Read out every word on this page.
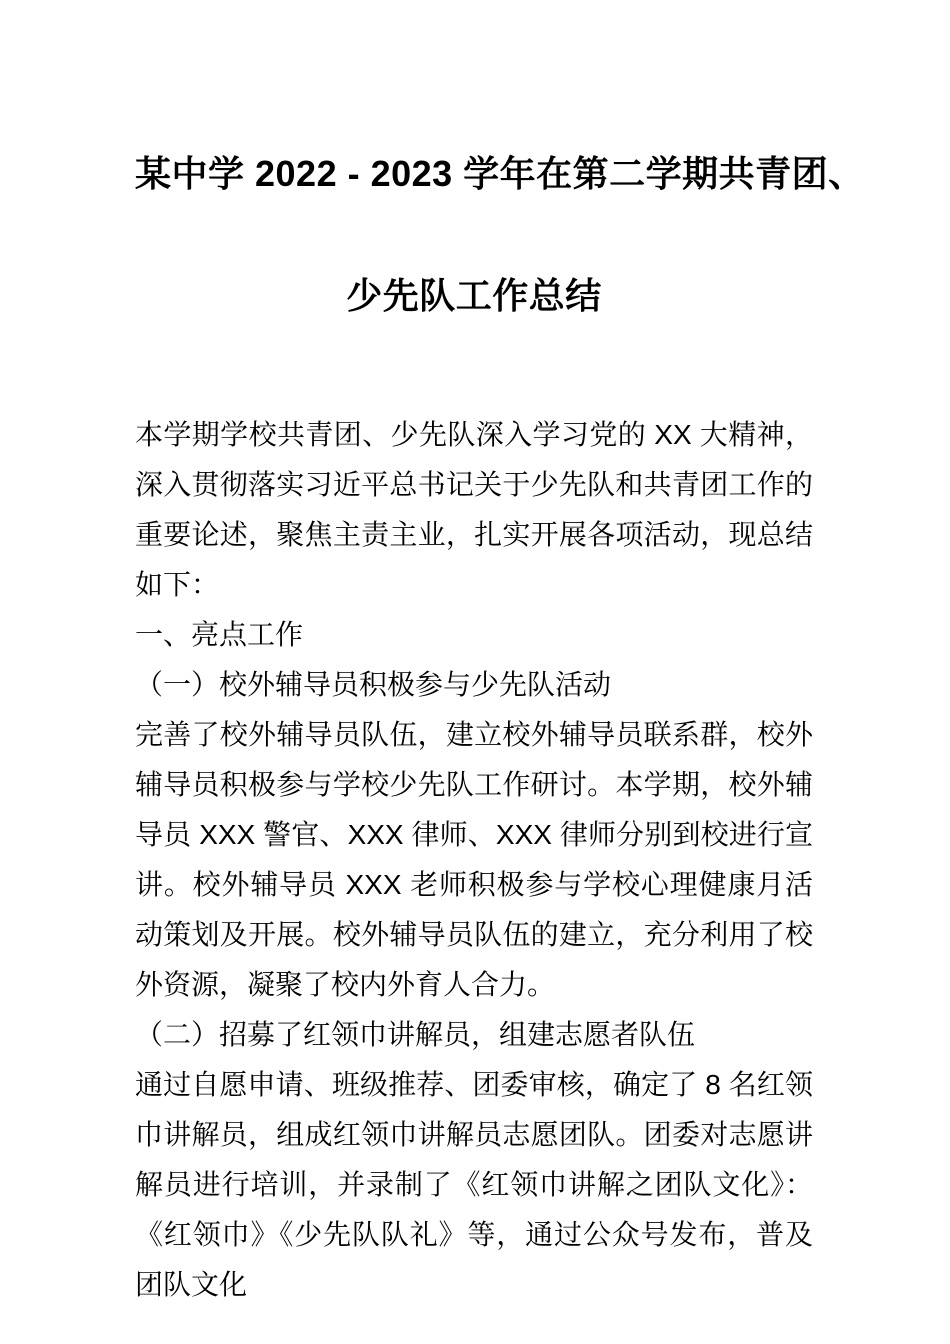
某中学 2022 - 2023 学年在第二学期共青团、
少先队工作总结

本学期学校共青团、少先队深入学习党的 XX 大精神，深入贯彻落实习近平总书记关于少先队和共青团工作的重要论述，聚焦主责主业，扎实开展各项活动，现总结如下：

一、亮点工作

（一）校外辅导员积极参与少先队活动

完善了校外辅导员队伍，建立校外辅导员联系群，校外辅导员积极参与学校少先队工作研讨。本学期，校外辅导员 XXX 警官、XXX 律师、XXX 律师分别到校进行宣讲。校外辅导员 XXX 老师积极参与学校心理健康月活动策划及开展。校外辅导员队伍的建立，充分利用了校外资源，凝聚了校内外育人合力。

（二）招募了红领巾讲解员，组建志愿者队伍

通过自愿申请、班级推荐、团委审核，确定了 8 名红领巾讲解员，组成红领巾讲解员志愿团队。团委对志愿讲解员进行培训，并录制了《红领巾讲解之团队文化》：《红领巾》《少先队队礼》等，通过公众号发布，普及团队文化
